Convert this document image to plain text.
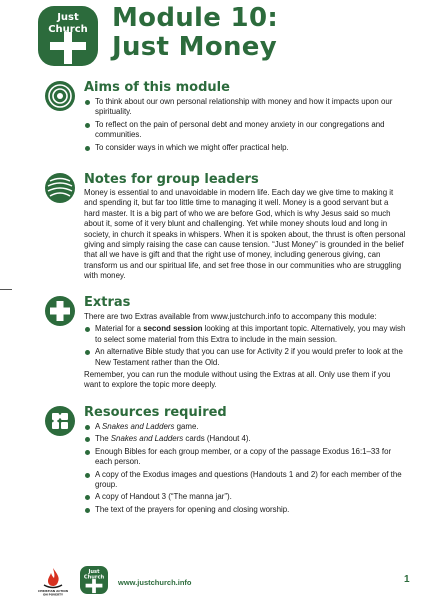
Just
Church Module 10:
Just Money
Aims of this module
To think about our own personal relationship with money and how it impacts upon our spirituality.
To reflect on the pain of personal debt and money anxiety in our congregations and communities.
To consider ways in which we might offer practical help.
Notes for group leaders

Money is essential to and unavoidable in modern life. Each day we give time to making it and spending it, but far too little time to managing it well. Money is a good servant but a hard master. It is a big part of who we are before God, which is why Jesus said so much about it, some of it very blunt and challenging. Yet while money shouts loud and long in society, in church it speaks in whispers. When it is spoken about, the thrust is often personal giving and simply raising the case can cause tension. “Just Money” is grounded in the belief that all we have is gift and that the right use of money, including generous giving, can transform us and our spiritual life, and set free those in our communities who are struggling with money.

Extras

There are two Extras available from www.justchurch.info to accompany this module:

Material for a second session looking at this important topic. Alternatively, you may wish to select some material from this Extra to include in the main session.
An alternative Bible study that you can use for Activity 2 if you would prefer to look at the New Testament rather than the Old.

Remember, you can run the module without using the Extras at all. Only use them if you want to explore the topic more deeply.

Resources required
A Snakes and Ladders game.
The Snakes and Ladders cards (Handout 4).
Enough Bibles for each group member, or a copy of the passage Exodus 16:1–33 for each person.
A copy of the Exodus images and questions (Handouts 1 and 2) for each member of the group.
A copy of Handout 3 (“The manna jar”).
The text of the prayers for opening and closing worship.
CHRISTIAN ACTION
ON POVERTY
Just
Church
www.justchurch.info	1
